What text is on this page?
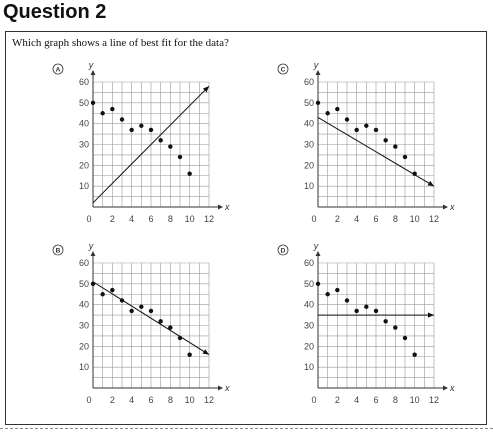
Question 2
Which graph shows a line of best fit for the data?
x
y
0 2 4 6 8 10 12
10
20
30
40
50
60
A
x
y
0 2 4 6 8 10 12
10
20
30
40
50
60
C
x
y
0 2 4 6 8 10 12
10
20
30
40
50
60
B
x
y
0 2 4 6 8 10 12
10
20
30
40
50
60
D
